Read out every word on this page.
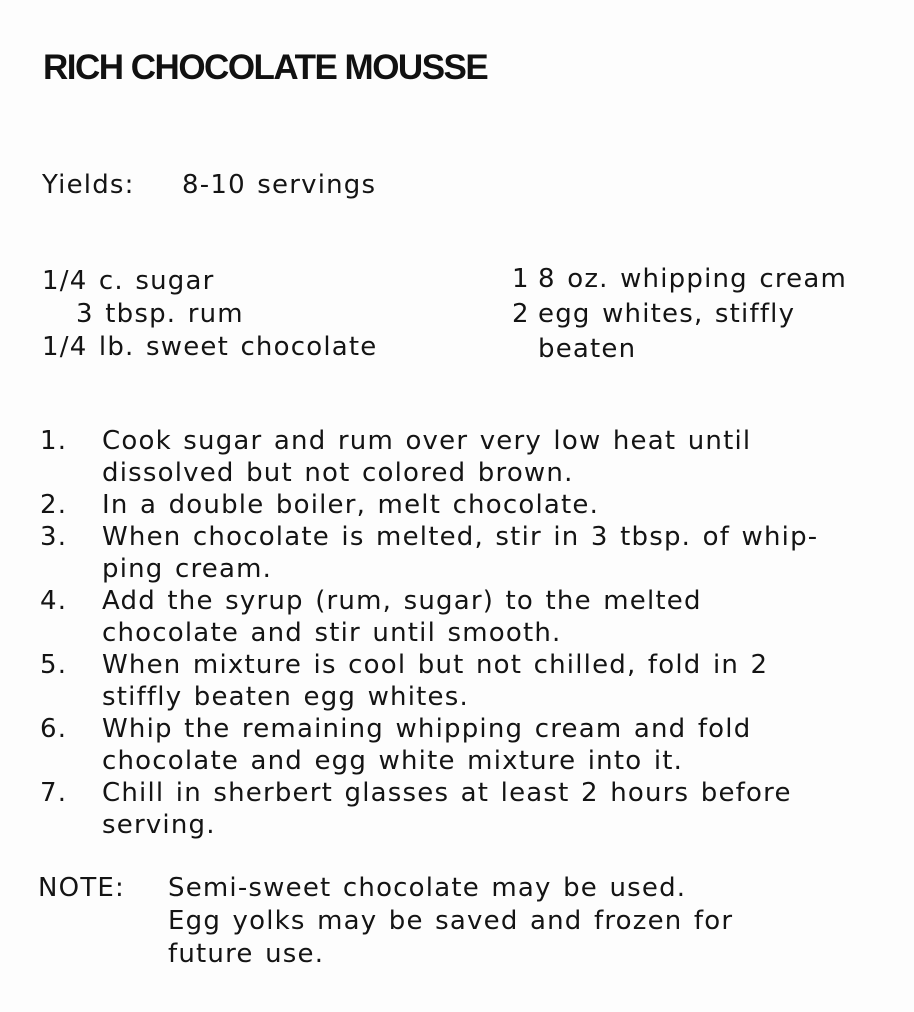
RICH CHOCOLATE MOUSSE
Yields: 8-10 servings
1/4 c. sugar
3 tbsp. rum
1/4 lb. sweet chocolate
1 8 oz. whipping cream
2 egg whites, stiffly
beaten
1.	Cook sugar and rum over very low heat until
dissolved but not colored brown.
2.	In a double boiler, melt chocolate.
3.	When chocolate is melted, stir in 3 tbsp. of whip-
ping cream.
4.	Add the syrup (rum, sugar) to the melted
chocolate and stir until smooth.
5.	When mixture is cool but not chilled, fold in 2
stiffly beaten egg whites.
6.	Whip the remaining whipping cream and fold
chocolate and egg white mixture into it.
7.	Chill in sherbert glasses at least 2 hours before
serving.
NOTE:	Semi-sweet chocolate may be used.
Egg yolks may be saved and frozen for
future use.
